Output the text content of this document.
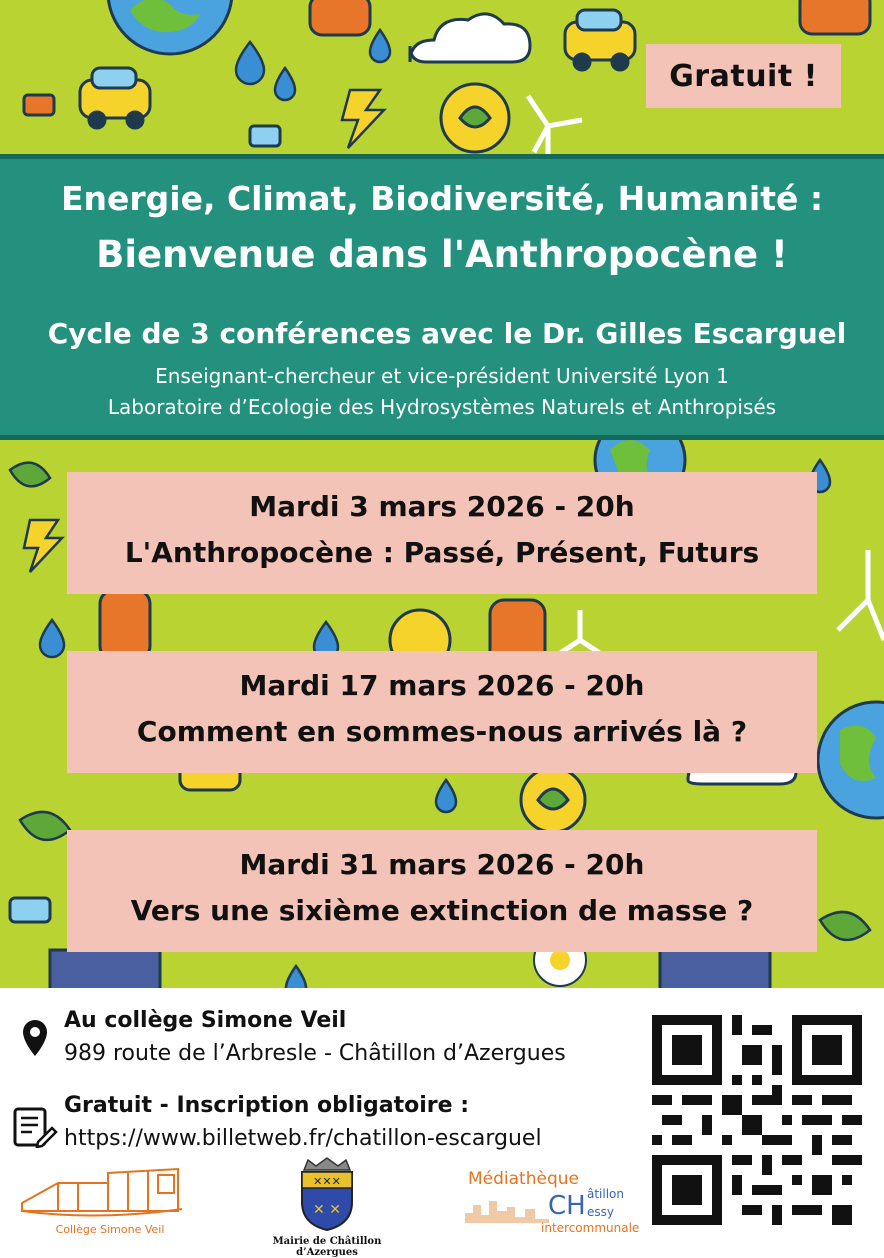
Gratuit !
Energie, Climat, Biodiversité, Humanité :
Bienvenue dans l'Anthropocène !
Cycle de 3 conférences avec le Dr. Gilles Escarguel
Enseignant-chercheur et vice-président Université Lyon 1
Laboratoire d’Ecologie des Hydrosystèmes Naturels et Anthropisés
Mardi 3 mars 2026 - 20h
L'Anthropocène : Passé, Présent, Futurs
Mardi 17 mars 2026 - 20h
Comment en sommes-nous arrivés là ?
Mardi 31 mars 2026 - 20h
Vers une sixième extinction de masse ?
Au collège Simone Veil
989 route de l’Arbresle - Châtillon d’Azergues
Gratuit - Inscription obligatoire :
https://www.billetweb.fr/chatillon-escarguel
Collège Simone Veil
✕✕✕
✕ ✕
Mairie de Châtillon d’Azergues
Médiathèque
CH âtillon
essy
intercommunale
